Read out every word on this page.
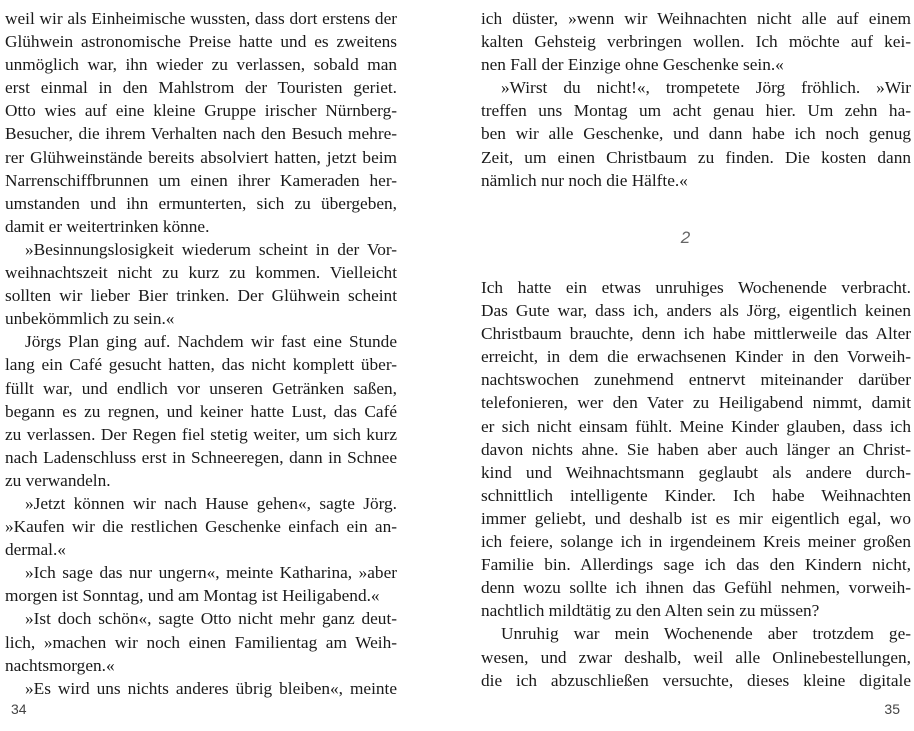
weil wir als Einheimische wussten, dass dort erstens der
Glühwein astronomische Preise hatte und es zweitens
unmöglich war, ihn wieder zu verlassen, sobald man
erst einmal in den Mahlstrom der Touristen geriet.
Otto wies auf eine kleine Gruppe irischer Nürnberg-
Besucher, die ihrem Verhalten nach den Besuch mehre-
rer Glühweinstände bereits absolviert hatten, jetzt beim
Narrenschiffbrunnen um einen ihrer Kameraden her-
umstanden und ihn ermunterten, sich zu übergeben,
damit er weitertrinken könne.
»Besinnungslosigkeit wiederum scheint in der Vor-
weihnachtszeit nicht zu kurz zu kommen. Vielleicht
sollten wir lieber Bier trinken. Der Glühwein scheint
unbekömmlich zu sein.«
Jörgs Plan ging auf. Nachdem wir fast eine Stunde
lang ein Café gesucht hatten, das nicht komplett über-
füllt war, und endlich vor unseren Getränken saßen,
begann es zu regnen, und keiner hatte Lust, das Café
zu verlassen. Der Regen fiel stetig weiter, um sich kurz
nach Ladenschluss erst in Schneeregen, dann in Schnee
zu verwandeln.
»Jetzt können wir nach Hause gehen«, sagte Jörg.
»Kaufen wir die restlichen Geschenke einfach ein an-
dermal.«
»Ich sage das nur ungern«, meinte Katharina, »aber
morgen ist Sonntag, und am Montag ist Heiligabend.«
»Ist doch schön«, sagte Otto nicht mehr ganz deut-
lich, »machen wir noch einen Familientag am Weih-
nachtsmorgen.«
»Es wird uns nichts anderes übrig bleiben«, meinte
34
ich düster, »wenn wir Weihnachten nicht alle auf einem
kalten Gehsteig verbringen wollen. Ich möchte auf kei-
nen Fall der Einzige ohne Geschenke sein.«
»Wirst du nicht!«, trompetete Jörg fröhlich. »Wir
treffen uns Montag um acht genau hier. Um zehn ha-
ben wir alle Geschenke, und dann habe ich noch genug
Zeit, um einen Christbaum zu finden. Die kosten dann
nämlich nur noch die Hälfte.«
2
Ich hatte ein etwas unruhiges Wochenende verbracht.
Das Gute war, dass ich, anders als Jörg, eigentlich keinen
Christbaum brauchte, denn ich habe mittlerweile das Alter
erreicht, in dem die erwachsenen Kinder in den Vorweih-
nachtswochen zunehmend entnervt miteinander darüber
telefonieren, wer den Vater zu Heiligabend nimmt, damit
er sich nicht einsam fühlt. Meine Kinder glauben, dass ich
davon nichts ahne. Sie haben aber auch länger an Christ-
kind und Weihnachtsmann geglaubt als andere durch-
schnittlich intelligente Kinder. Ich habe Weihnachten
immer geliebt, und deshalb ist es mir eigentlich egal, wo
ich feiere, solange ich in irgendeinem Kreis meiner großen
Familie bin. Allerdings sage ich das den Kindern nicht,
denn wozu sollte ich ihnen das Gefühl nehmen, vorweih-
nachtlich mildtätig zu den Alten sein zu müssen?
Unruhig war mein Wochenende aber trotzdem ge-
wesen, und zwar deshalb, weil alle Onlinebestellungen,
die ich abzuschließen versuchte, dieses kleine digitale
35
